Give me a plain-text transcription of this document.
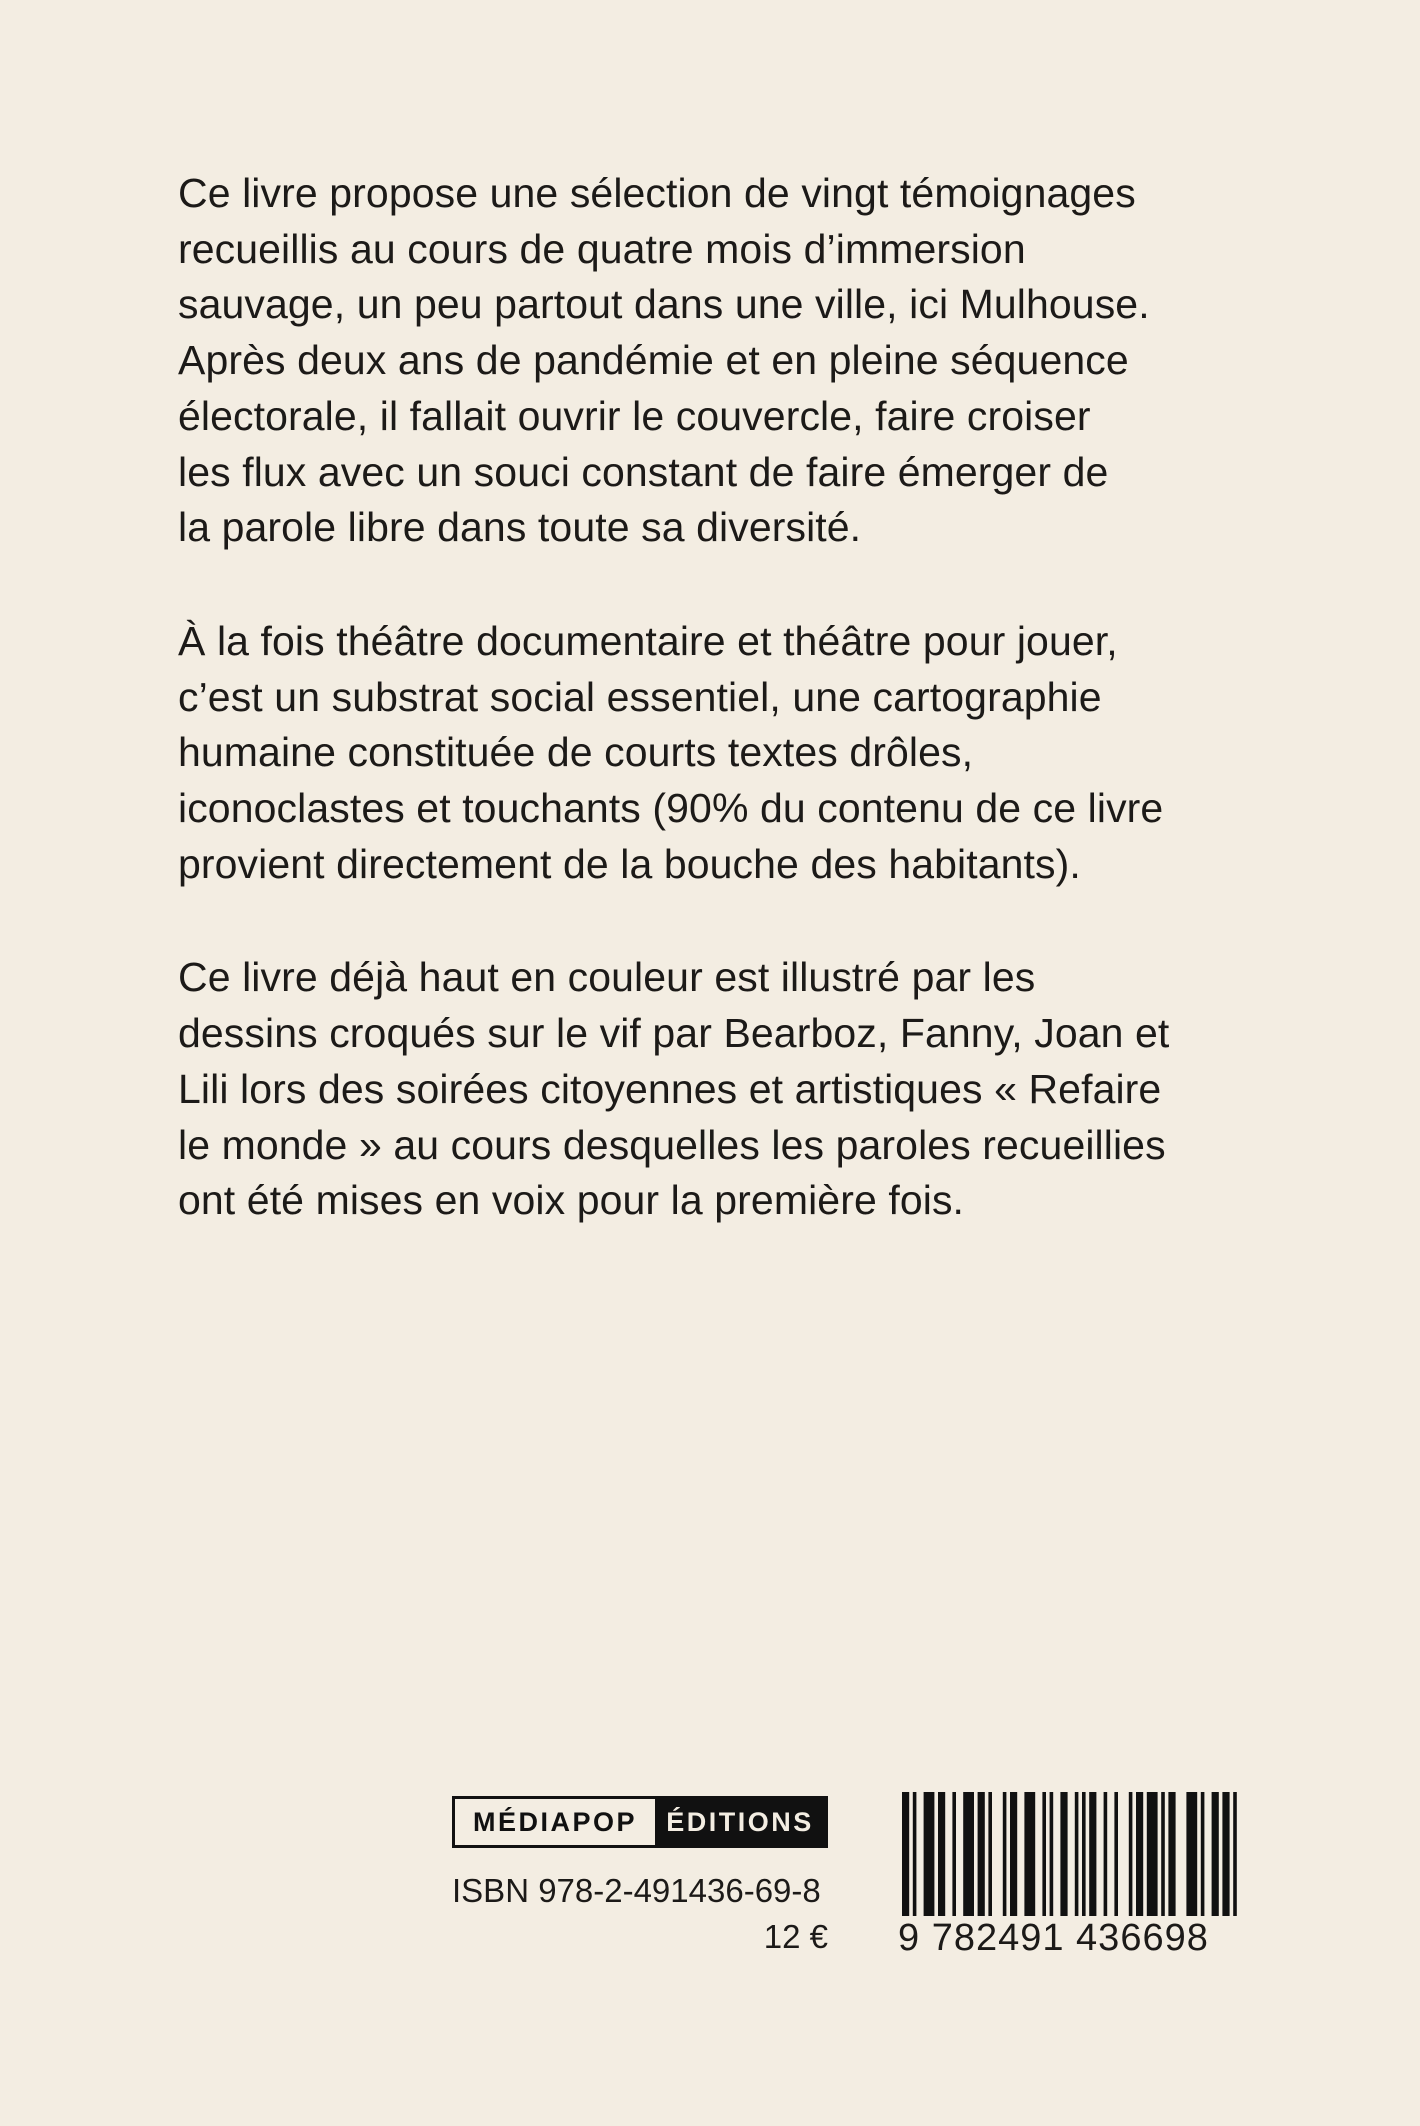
Ce livre propose une sélection de vingt témoignages
recueillis au cours de quatre mois d’immersion
sauvage, un peu partout dans une ville, ici Mulhouse.
Après deux ans de pandémie et en pleine séquence
électorale, il fallait ouvrir le couvercle, faire croiser
les flux avec un souci constant de faire émerger de
la parole libre dans toute sa diversité.

À la fois théâtre documentaire et théâtre pour jouer,
c’est un substrat social essentiel, une cartographie
humaine constituée de courts textes drôles,
iconoclastes et touchants (90% du contenu de ce livre
provient directement de la bouche des habitants).

Ce livre déjà haut en couleur est illustré par les
dessins croqués sur le vif par Bearboz, Fanny, Joan et
Lili lors des soirées citoyennes et artistiques « Refaire
le monde » au cours desquelles les paroles recueillies
ont été mises en voix pour la première fois.

MÉDIAPOP	ÉDITIONS
ISBN 978-2-491436-69-8
12 € 9 782491 436698
